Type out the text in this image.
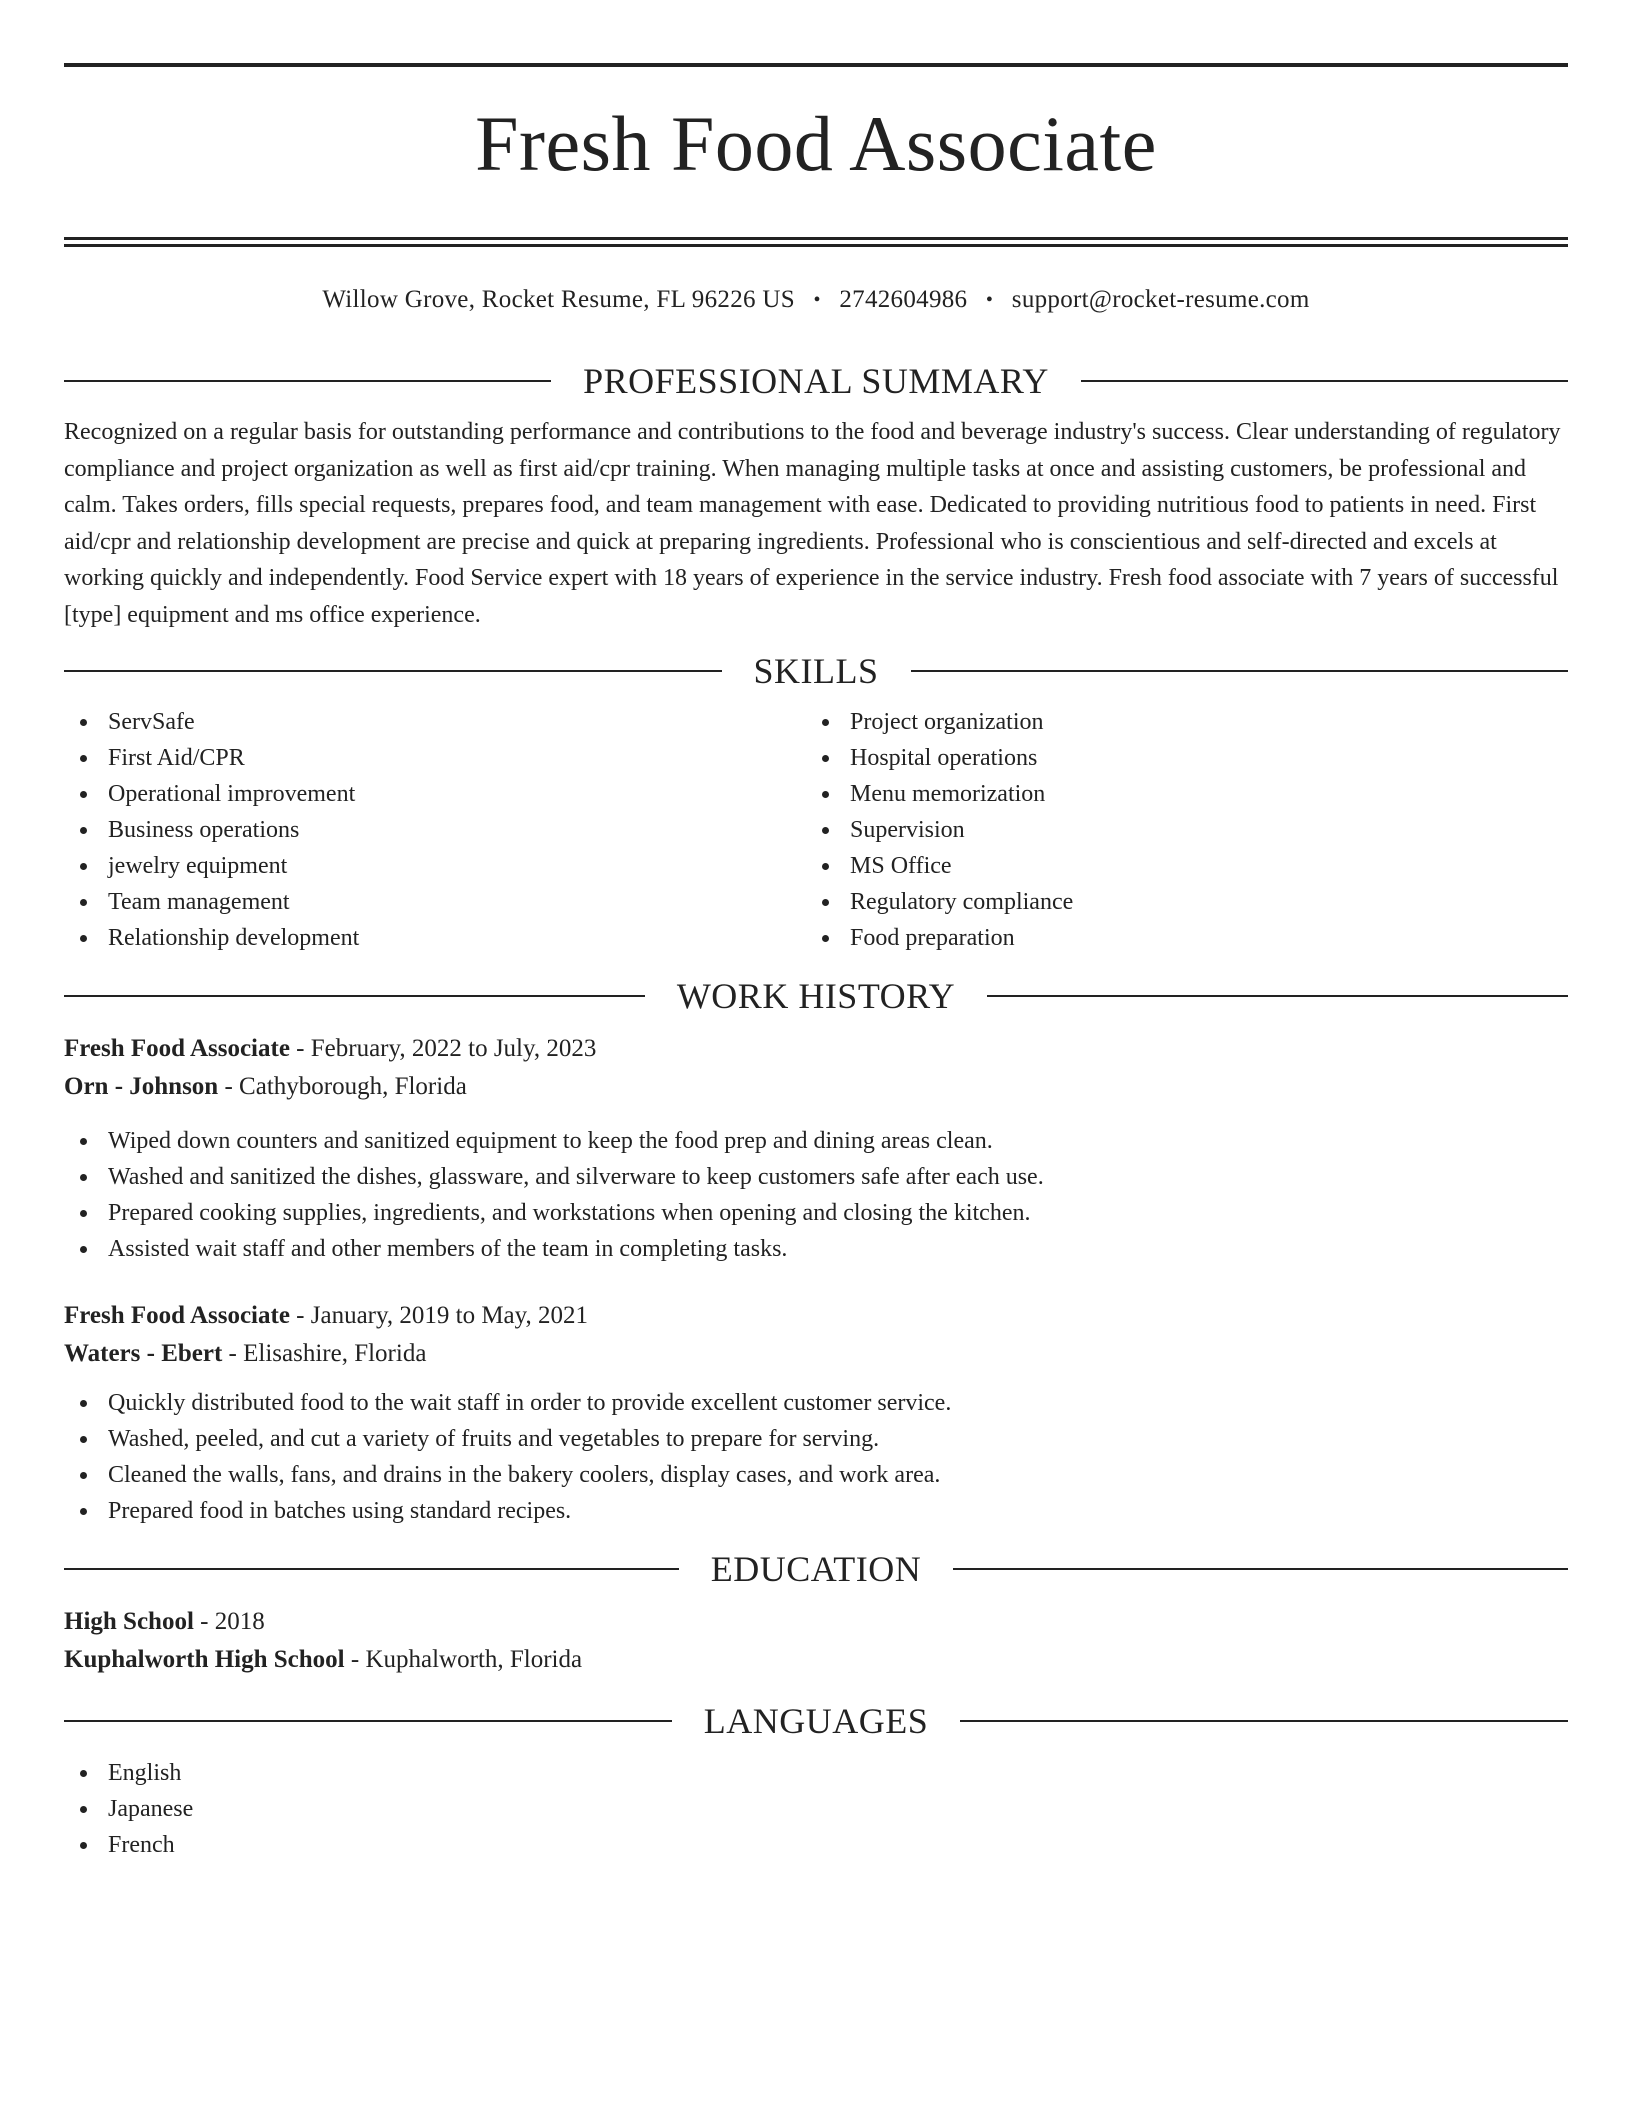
Fresh Food Associate
Willow Grove, Rocket Resume, FL 96226 US • 2742604986 • support@rocket-resume.com
PROFESSIONAL SUMMARY

Recognized on a regular basis for outstanding performance and contributions to the food and beverage industry's success. Clear understanding of regulatory compliance and project organization as well as first aid/cpr training. When managing multiple tasks at once and assisting customers, be professional and calm. Takes orders, fills special requests, prepares food, and team management with ease. Dedicated to providing nutritious food to patients in need. First aid/cpr and relationship development are precise and quick at preparing ingredients. Professional who is conscientious and self-directed and excels at working quickly and independently. Food Service expert with 18 years of experience in the service industry. Fresh food associate with 7 years of successful [type] equipment and ms office experience.

SKILLS
ServSafe
First Aid/CPR
Operational improvement
Business operations
jewelry equipment
Team management
Relationship development
Project organization
Hospital operations
Menu memorization
Supervision
MS Office
Regulatory compliance
Food preparation
WORK HISTORY
Fresh Food Associate - February, 2022 to July, 2023
Orn - Johnson - Cathyborough, Florida
Wiped down counters and sanitized equipment to keep the food prep and dining areas clean.
Washed and sanitized the dishes, glassware, and silverware to keep customers safe after each use.
Prepared cooking supplies, ingredients, and workstations when opening and closing the kitchen.
Assisted wait staff and other members of the team in completing tasks.
Fresh Food Associate - January, 2019 to May, 2021
Waters - Ebert - Elisashire, Florida
Quickly distributed food to the wait staff in order to provide excellent customer service.
Washed, peeled, and cut a variety of fruits and vegetables to prepare for serving.
Cleaned the walls, fans, and drains in the bakery coolers, display cases, and work area.
Prepared food in batches using standard recipes.
EDUCATION
High School - 2018
Kuphalworth High School - Kuphalworth, Florida
LANGUAGES
English
Japanese
French
